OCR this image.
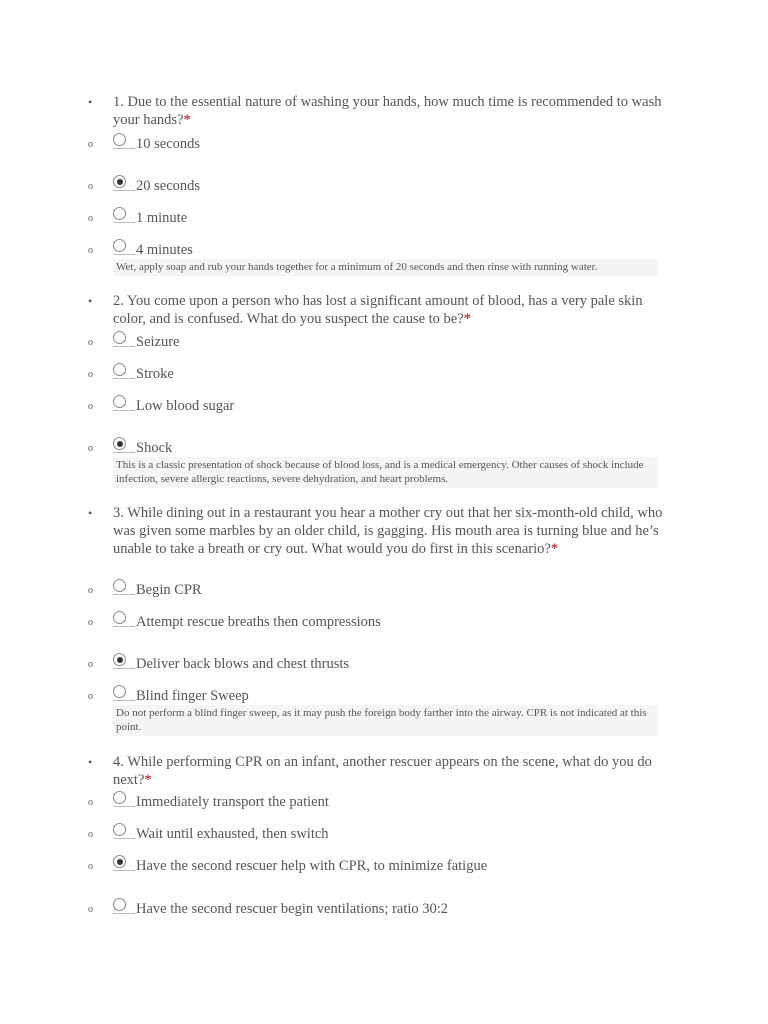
• 1. Due to the essential nature of washing your hands, how much time is recommended to wash your hands?*
o	10 seconds
o	20 seconds
o	1 minute
o	4 minutes
Wet, apply soap and rub your hands together for a minimum of 20 seconds and then rinse with running water.
• 2. You come upon a person who has lost a significant amount of blood, has a very pale skin color, and is confused. What do you suspect the cause to be?*
o	Seizure
o	Stroke
o	Low blood sugar
o	Shock
This is a classic presentation of shock because of blood loss, and is a medical emergency. Other causes of shock include infection, severe allergic reactions, severe dehydration, and heart problems.
• 3. While dining out in a restaurant you hear a mother cry out that her six-month-old child, who was given some marbles by an older child, is gagging. His mouth area is turning blue and he’s unable to take a breath or cry out. What would you do first in this scenario?*
o	Begin CPR
o	Attempt rescue breaths then compressions
o	Deliver back blows and chest thrusts
o	Blind finger Sweep
Do not perform a blind finger sweep, as it may push the foreign body farther into the airway. CPR is not indicated at this point.
• 4. While performing CPR on an infant, another rescuer appears on the scene, what do you do next?*
o	Immediately transport the patient
o	Wait until exhausted, then switch
o	Have the second rescuer help with CPR, to minimize fatigue
o	Have the second rescuer begin ventilations; ratio 30:2
